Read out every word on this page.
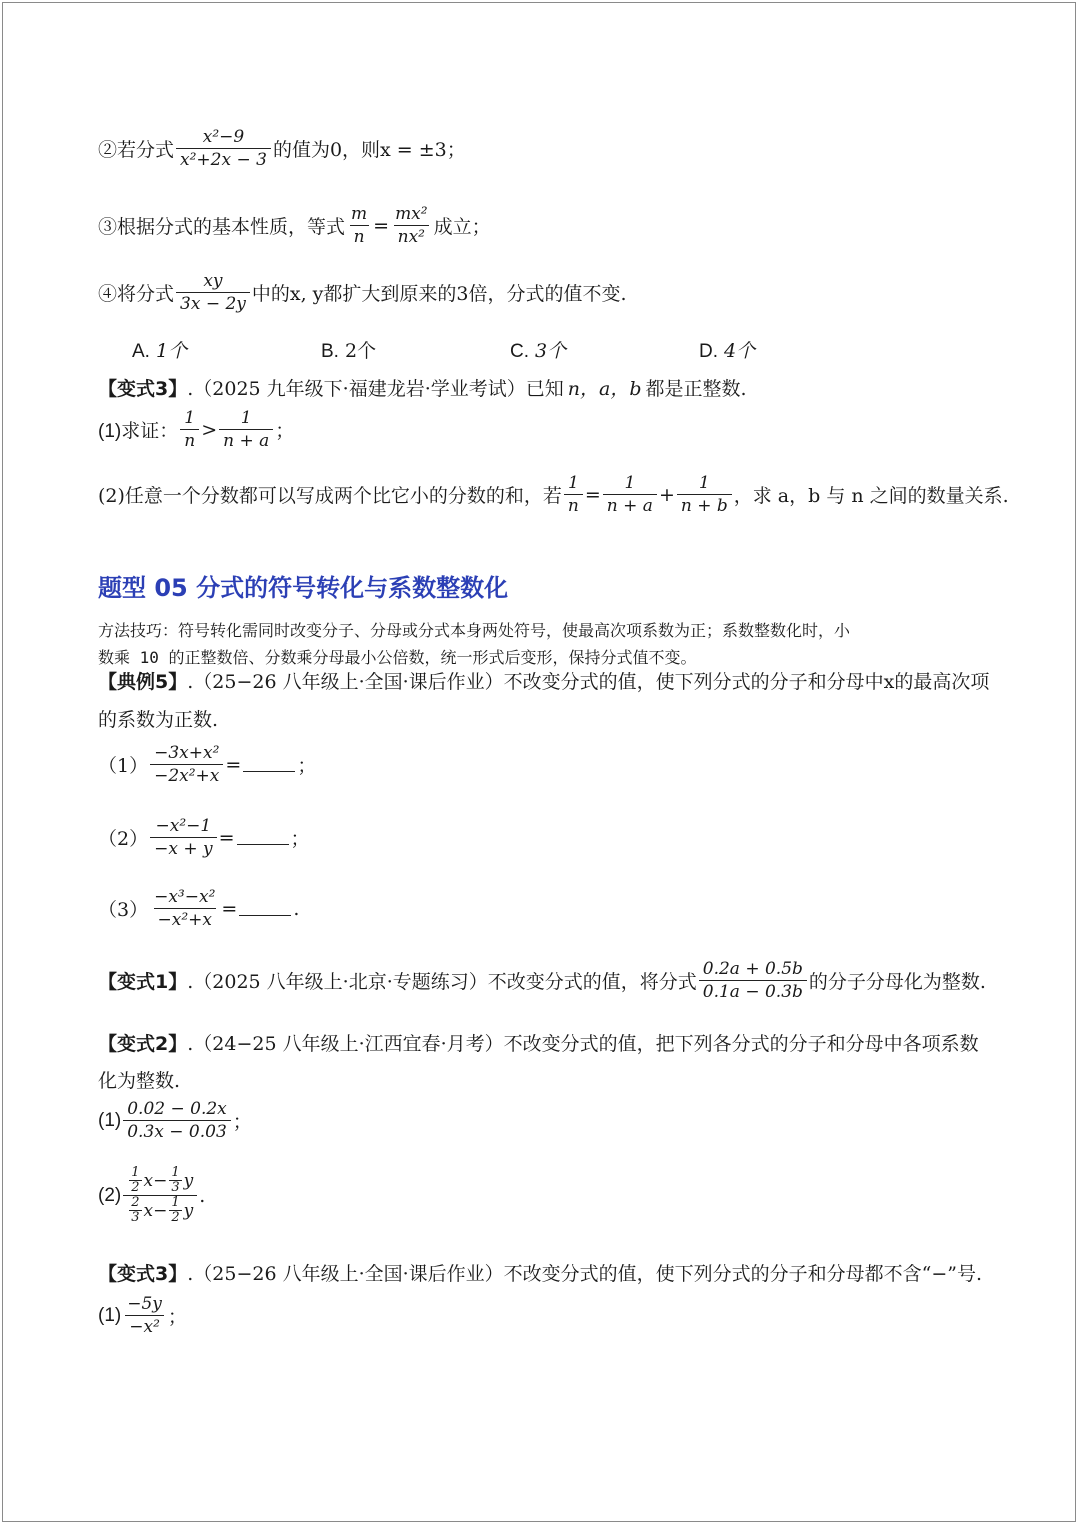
②若分式 $\frac{\text{x²−9}}{\text{x²+2x − 3}}$ 的值为0，则x = ±3；
③根据分式的基本性质，等式 $\frac{m}{n} = \frac{\text{mx²}}{\text{nx²}}$ 成立；
④将分式 $\frac{xy}{3x - 2y}$ 中的x, y都扩大到原来的3倍，分式的值不变.
A. 1个	B. 2个	C. 3个	D. 4个
【变式3】 .（2025 九年级下·福建龙岩·学业考试）已知 n，a，b 都是正整数.
(1)求证： $\frac{1}{n} > \frac{1}{n + a}$ ；
(2)任意一个分数都可以写成两个比它小的分数的和，若 $\frac{1}{n} = \frac{1}{n + a} + \frac{1}{n + b}$ ，求 a，b 与 n 之间的数量关系.
题型 05 分式的符号转化与系数整数化
方法技巧：符号转化需同时改变分子、分母或分式本身两处符号，使最高次项系数为正；系数整数化时，小
数乘 10 的正整数倍、分数乘分母最小公倍数，统一形式后变形，保持分式值不变。
【典例5】 .（25−26 八年级上·全国·课后作业）不改变分式的值，使下列分式的分子和分母中x的最高次项
的系数为正数.
$(1) \frac{\text{−3x+x²}}{\text{−2x²+x}}$ =	；
$(2) \frac{\text{−x²−1}}{-x + y}$ =	；
$(3) \frac{\text{−x³−x²}}{\text{−x²+x}}$ =	.
【变式1】 .（2025 八年级上·北京·专题练习）不改变分式的值，将分式 $\frac{0.2a + 0.5b}{0.1a - 0.3b}$ 的分子分母化为整数.
【变式2】 .（24−25 八年级上·江西宜春·月考）不改变分式的值，把下列各分式的分子和分母中各项系数
化为整数.
$(1) \frac{0.02 - 0.2x}{0.3x - 0.03}$ ；
$(2) \frac{\frac{1}{2} x- \frac{1}{3} y}{\frac{2}{3} x- \frac{1}{2} y}$ .
【变式3】 .（25−26 八年级上·全国·课后作业）不改变分式的值，使下列分式的分子和分母都不含“−”号.
$(1) \frac{-5y}{\text{−x²}}$ ；
